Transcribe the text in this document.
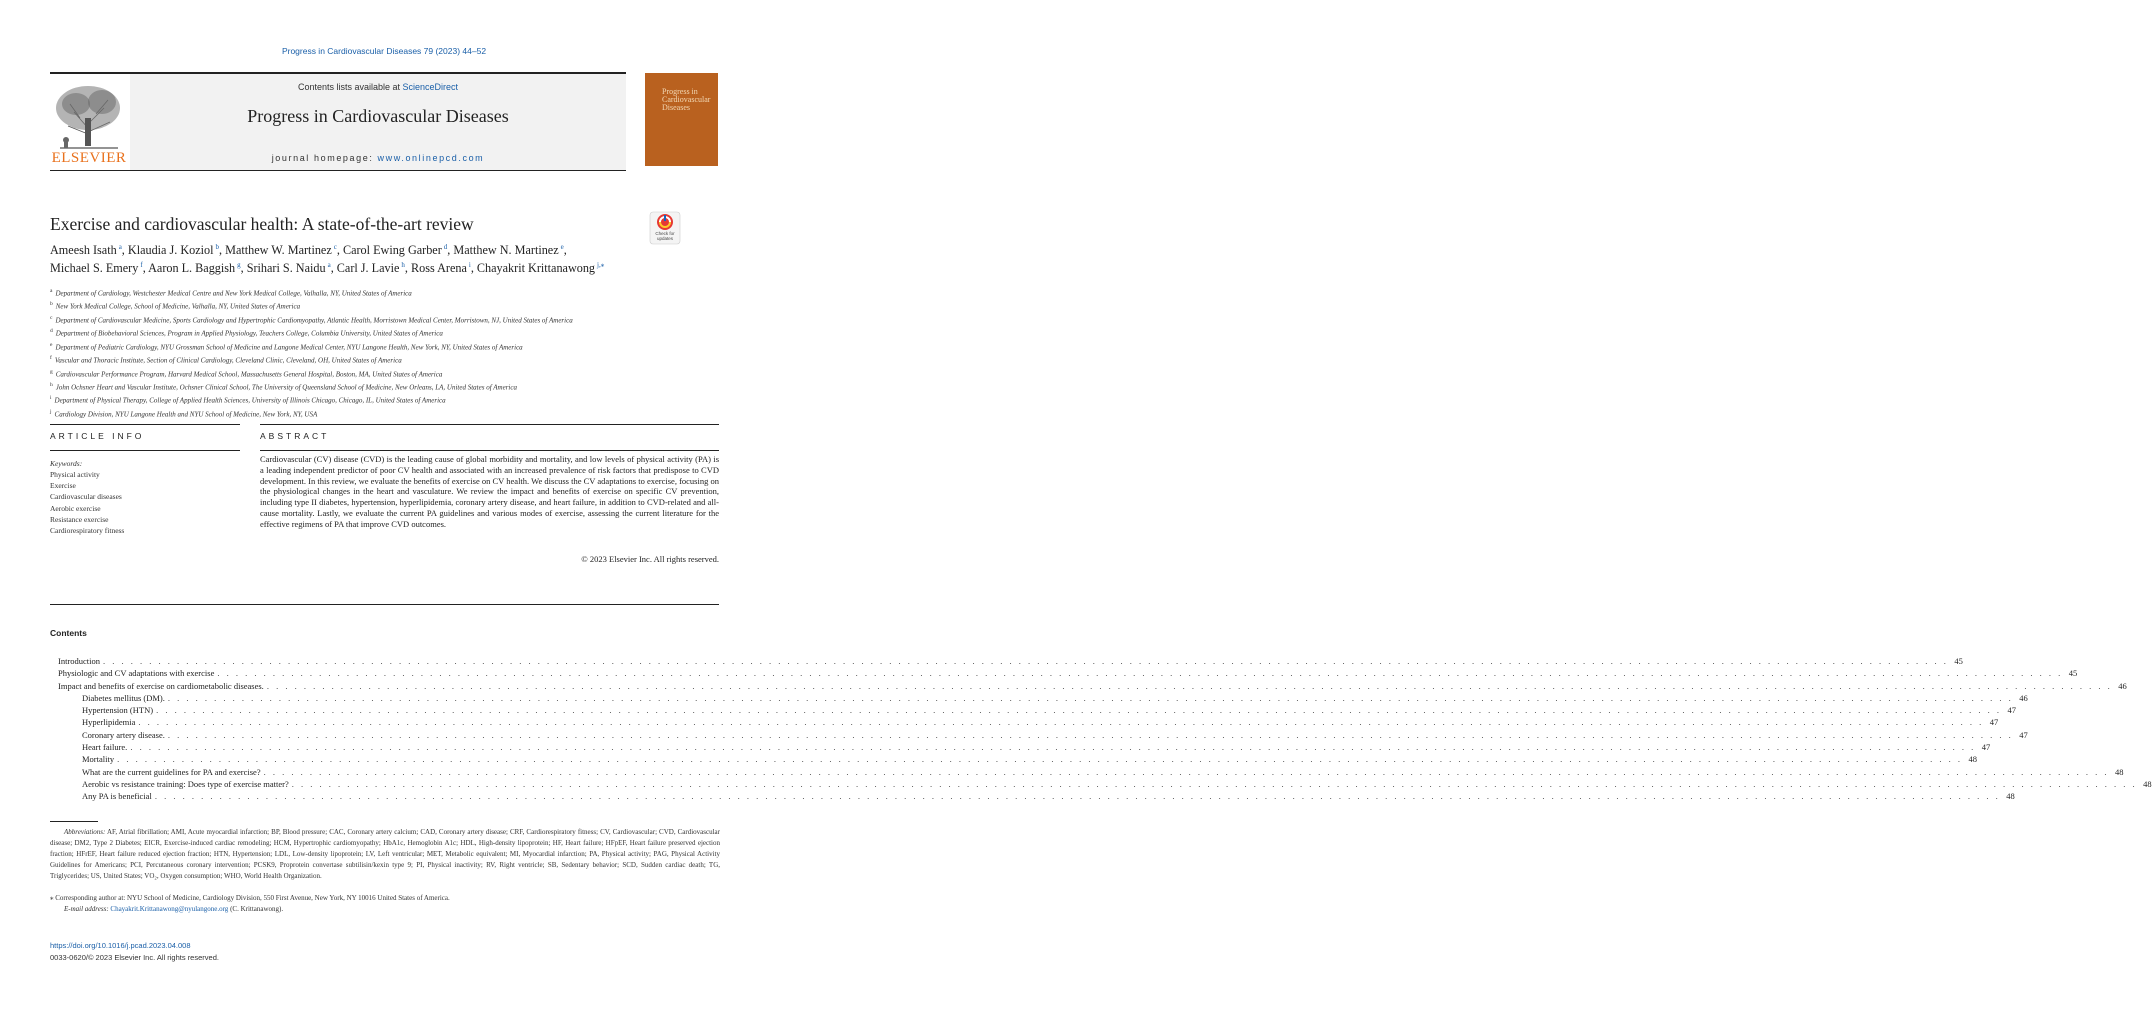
Progress in Cardiovascular Diseases 79 (2023) 44–52
Contents lists available at ScienceDirect
Progress in Cardiovascular Diseases
journal homepage: www.onlinepcd.com
ELSEVIER
Progress in
Cardiovascular
Diseases
Exercise and cardiovascular health: A state-of-the-art review	Check for
updates
Ameesh Isath $^a$, Klaudia J. Koziol $^b$, Matthew W. Martinez $^c$, Carol Ewing Garber $^d$, Matthew N. Martinez $^e$,
Michael S. Emery $^f$, Aaron L. Baggish $^g$, Srihari S. Naidu $^a$, Carl J. Lavie $^h$, Ross Arena $^i$, Chayakrit Krittanawong $^{j,⁎}$
$^a$ Department of Cardiology, Westchester Medical Centre and New York Medical College, Valhalla, NY, United States of America
$^b$ New York Medical College, School of Medicine, Valhalla, NY, United States of America
$^c$ Department of Cardiovascular Medicine, Sports Cardiology and Hypertrophic Cardiomyopathy, Atlantic Health, Morristown Medical Center, Morristown, NJ, United States of America
$^d$ Department of Biobehavioral Sciences, Program in Applied Physiology, Teachers College, Columbia University, United States of America
$^e$ Department of Pediatric Cardiology, NYU Grossman School of Medicine and Langone Medical Center, NYU Langone Health, New York, NY, United States of America
$^f$ Vascular and Thoracic Institute, Section of Clinical Cardiology, Cleveland Clinic, Cleveland, OH, United States of America
$^g$ Cardiovascular Performance Program, Harvard Medical School, Massachusetts General Hospital, Boston, MA, United States of America
$^h$ John Ochsner Heart and Vascular Institute, Ochsner Clinical School, The University of Queensland School of Medicine, New Orleans, LA, United States of America
$^i$ Department of Physical Therapy, College of Applied Health Sciences, University of Illinois Chicago, Chicago, IL, United States of America
$^j$ Cardiology Division, NYU Langone Health and NYU School of Medicine, New York, NY, USA
ARTICLE INFO
Keywords:
Physical activity
Exercise
Cardiovascular diseases
Aerobic exercise
Resistance exercise
Cardiorespiratory fitness
ABSTRACT
Cardiovascular (CV) disease (CVD) is the leading cause of global morbidity and mortality, and low levels of physical activity (PA) is a leading independent predictor of poor CV health and associated with an increased prevalence of risk factors that predispose to CVD development. In this review, we evaluate the benefits of exercise on CV health. We discuss the CV adaptations to exercise, focusing on the physiological changes in the heart and vasculature. We review the impact and benefits of exercise on specific CV prevention, including type II diabetes, hypertension, hyperlipidemia, coronary artery disease, and heart failure, in addition to CVD-related and all-cause mortality. Lastly, we evaluate the current PA guidelines and various modes of exercise, assessing the current literature for the effective regimens of PA that improve CVD outcomes.
© 2023 Elsevier Inc. All rights reserved.
Contents
Introduction . . . . . . . . . . . . . . . . . . . . . . . . . . . . . . . . . . . . . . . . . . . . . . . . . . . . . . . . . . . . . . . . . . . . . . . . . . . . . . . . . . . . . . . . . . . . . . . . . . . . . . . . . . . . . . . . . . . . . . . . . . . . . . . . . . . . . . . . . . . . . . . . . . . . . . . . . . . . . . . . . . . . . . . . . . . . . . . . . . . . . . . . . . . . . . . . . . . . . . . . 45
Physiologic and CV adaptations with exercise . . . . . . . . . . . . . . . . . . . . . . . . . . . . . . . . . . . . . . . . . . . . . . . . . . . . . . . . . . . . . . . . . . . . . . . . . . . . . . . . . . . . . . . . . . . . . . . . . . . . . . . . . . . . . . . . . . . . . . . . . . . . . . . . . . . . . . . . . . . . . . . . . . . . . . . . . . . . . . . . . . . . . . . . . . . . . . . . . . . . . . . . . . . . . . . . . . . . . . . . 45
Impact and benefits of exercise on cardiometabolic diseases. . . . . . . . . . . . . . . . . . . . . . . . . . . . . . . . . . . . . . . . . . . . . . . . . . . . . . . . . . . . . . . . . . . . . . . . . . . . . . . . . . . . . . . . . . . . . . . . . . . . . . . . . . . . . . . . . . . . . . . . . . . . . . . . . . . . . . . . . . . . . . . . . . . . . . . . . . . . . . . . . . . . . . . . . . . . . . . . . . . . . . . . . . . . . . . . . . . . . . . . . 46
Diabetes mellitus (DM). . . . . . . . . . . . . . . . . . . . . . . . . . . . . . . . . . . . . . . . . . . . . . . . . . . . . . . . . . . . . . . . . . . . . . . . . . . . . . . . . . . . . . . . . . . . . . . . . . . . . . . . . . . . . . . . . . . . . . . . . . . . . . . . . . . . . . . . . . . . . . . . . . . . . . . . . . . . . . . . . . . . . . . . . . . . . . . . . . . . . . . . . . . . . . . . . . . . . . . . . 46
Hypertension (HTN) . . . . . . . . . . . . . . . . . . . . . . . . . . . . . . . . . . . . . . . . . . . . . . . . . . . . . . . . . . . . . . . . . . . . . . . . . . . . . . . . . . . . . . . . . . . . . . . . . . . . . . . . . . . . . . . . . . . . . . . . . . . . . . . . . . . . . . . . . . . . . . . . . . . . . . . . . . . . . . . . . . . . . . . . . . . . . . . . . . . . . . . . . . . . . . . . . . . . . . . . 47
Hyperlipidemia . . . . . . . . . . . . . . . . . . . . . . . . . . . . . . . . . . . . . . . . . . . . . . . . . . . . . . . . . . . . . . . . . . . . . . . . . . . . . . . . . . . . . . . . . . . . . . . . . . . . . . . . . . . . . . . . . . . . . . . . . . . . . . . . . . . . . . . . . . . . . . . . . . . . . . . . . . . . . . . . . . . . . . . . . . . . . . . . . . . . . . . . . . . . . . . . . . . . . . . . 47
Coronary artery disease. . . . . . . . . . . . . . . . . . . . . . . . . . . . . . . . . . . . . . . . . . . . . . . . . . . . . . . . . . . . . . . . . . . . . . . . . . . . . . . . . . . . . . . . . . . . . . . . . . . . . . . . . . . . . . . . . . . . . . . . . . . . . . . . . . . . . . . . . . . . . . . . . . . . . . . . . . . . . . . . . . . . . . . . . . . . . . . . . . . . . . . . . . . . . . . . . . . . . . . . . 47
Heart failure. . . . . . . . . . . . . . . . . . . . . . . . . . . . . . . . . . . . . . . . . . . . . . . . . . . . . . . . . . . . . . . . . . . . . . . . . . . . . . . . . . . . . . . . . . . . . . . . . . . . . . . . . . . . . . . . . . . . . . . . . . . . . . . . . . . . . . . . . . . . . . . . . . . . . . . . . . . . . . . . . . . . . . . . . . . . . . . . . . . . . . . . . . . . . . . . . . . . . . . . . 47
Mortality . . . . . . . . . . . . . . . . . . . . . . . . . . . . . . . . . . . . . . . . . . . . . . . . . . . . . . . . . . . . . . . . . . . . . . . . . . . . . . . . . . . . . . . . . . . . . . . . . . . . . . . . . . . . . . . . . . . . . . . . . . . . . . . . . . . . . . . . . . . . . . . . . . . . . . . . . . . . . . . . . . . . . . . . . . . . . . . . . . . . . . . . . . . . . . . . . . . . . . . . 48
What are the current guidelines for PA and exercise? . . . . . . . . . . . . . . . . . . . . . . . . . . . . . . . . . . . . . . . . . . . . . . . . . . . . . . . . . . . . . . . . . . . . . . . . . . . . . . . . . . . . . . . . . . . . . . . . . . . . . . . . . . . . . . . . . . . . . . . . . . . . . . . . . . . . . . . . . . . . . . . . . . . . . . . . . . . . . . . . . . . . . . . . . . . . . . . . . . . . . . . . . . . . . . . . . . . . . . . . 48
Aerobic vs resistance training: Does type of exercise matter? . . . . . . . . . . . . . . . . . . . . . . . . . . . . . . . . . . . . . . . . . . . . . . . . . . . . . . . . . . . . . . . . . . . . . . . . . . . . . . . . . . . . . . . . . . . . . . . . . . . . . . . . . . . . . . . . . . . . . . . . . . . . . . . . . . . . . . . . . . . . . . . . . . . . . . . . . . . . . . . . . . . . . . . . . . . . . . . . . . . . . . . . . . . . . . . . . . . . . . . . 48
Any PA is beneficial . . . . . . . . . . . . . . . . . . . . . . . . . . . . . . . . . . . . . . . . . . . . . . . . . . . . . . . . . . . . . . . . . . . . . . . . . . . . . . . . . . . . . . . . . . . . . . . . . . . . . . . . . . . . . . . . . . . . . . . . . . . . . . . . . . . . . . . . . . . . . . . . . . . . . . . . . . . . . . . . . . . . . . . . . . . . . . . . . . . . . . . . . . . . . . . . . . . . . . . . 48
Abbreviations: AF, Atrial fibrillation; AMI, Acute myocardial infarction; BP, Blood pressure; CAC, Coronary artery calcium; CAD, Coronary artery disease; CRF, Cardiorespiratory fitness; CV, Cardiovascular; CVD, Cardiovascular disease; DM2, Type 2 Diabetes; EICR, Exercise-induced cardiac remodeling; HCM, Hypertrophic cardiomyopathy; HbA1c, Hemoglobin A1c; HDL, High-density lipoprotein; HF, Heart failure; HFpEF, Heart failure preserved ejection fraction; HFrEF, Heart failure reduced ejection fraction; HTN, Hypertension; LDL, Low-density lipoprotein; LV, Left ventricular; MET, Metabolic equivalent; MI, Myocardial infarction; PA, Physical activity; PAG, Physical Activity Guidelines for Americans; PCI, Percutaneous coronary intervention; PCSK9, Proprotein convertase subtilisin/kexin type 9; PI, Physical inactivity; RV, Right ventricle; SB, Sedentary behavior; SCD, Sudden cardiac death; TG, Triglycerides; US, United States; VO₂, Oxygen consumption; WHO, World Health Organization.
⁎ Corresponding author at: NYU School of Medicine, Cardiology Division, 550 First Avenue, New York, NY 10016 United States of America.
E-mail address: Chayakrit.Krittanawong@nyulangone.org (C. Krittanawong).
https://doi.org/10.1016/j.pcad.2023.04.008
0033-0620/© 2023 Elsevier Inc. All rights reserved.
